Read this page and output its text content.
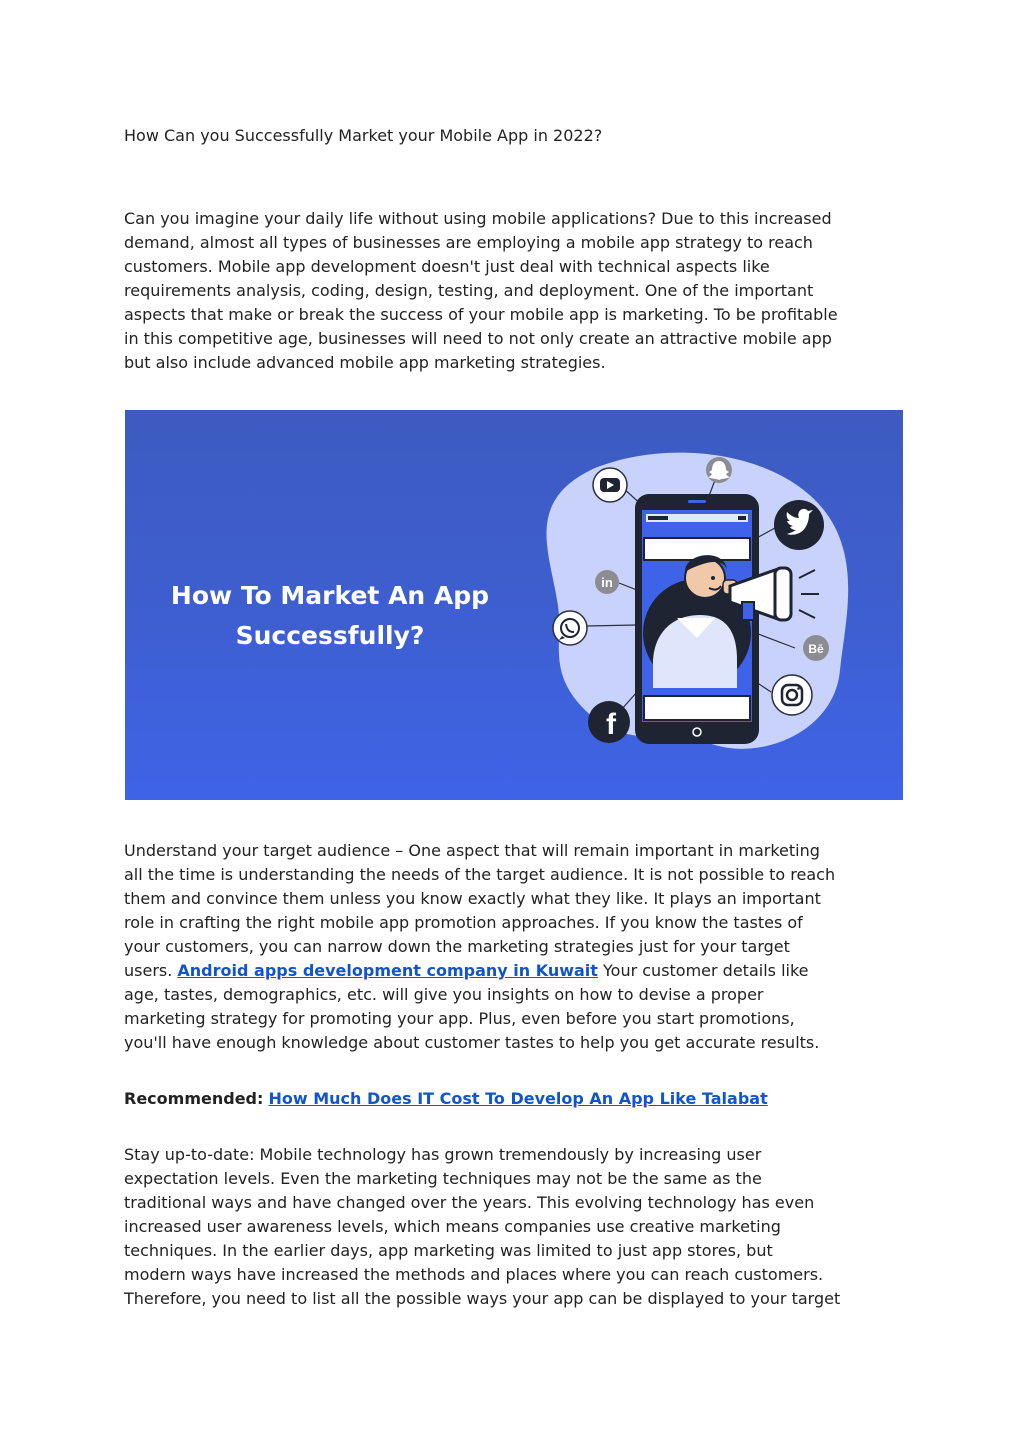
How Can you Successfully Market your Mobile App in 2022?
Can you imagine your daily life without using mobile applications? Due to this increased
demand, almost all types of businesses are employing a mobile app strategy to reach
customers. Mobile app development doesn't just deal with technical aspects like
requirements analysis, coding, design, testing, and deployment. One of the important
aspects that make or break the success of your mobile app is marketing. To be profitable
in this competitive age, businesses will need to not only create an attractive mobile app
but also include advanced mobile app marketing strategies.
How To Market An App
Successfully?
in
Bē
f
Understand your target audience – One aspect that will remain important in marketing
all the time is understanding the needs of the target audience. It is not possible to reach
them and convince them unless you know exactly what they like. It plays an important
role in crafting the right mobile app promotion approaches. If you know the tastes of
your customers, you can narrow down the marketing strategies just for your target
users. Android apps development company in Kuwait Your customer details like
age, tastes, demographics, etc. will give you insights on how to devise a proper
marketing strategy for promoting your app. Plus, even before you start promotions,
you'll have enough knowledge about customer tastes to help you get accurate results.
Recommended: How Much Does IT Cost To Develop An App Like Talabat
Stay up-to-date: Mobile technology has grown tremendously by increasing user
expectation levels. Even the marketing techniques may not be the same as the
traditional ways and have changed over the years. This evolving technology has even
increased user awareness levels, which means companies use creative marketing
techniques. In the earlier days, app marketing was limited to just app stores, but
modern ways have increased the methods and places where you can reach customers.
Therefore, you need to list all the possible ways your app can be displayed to your target
